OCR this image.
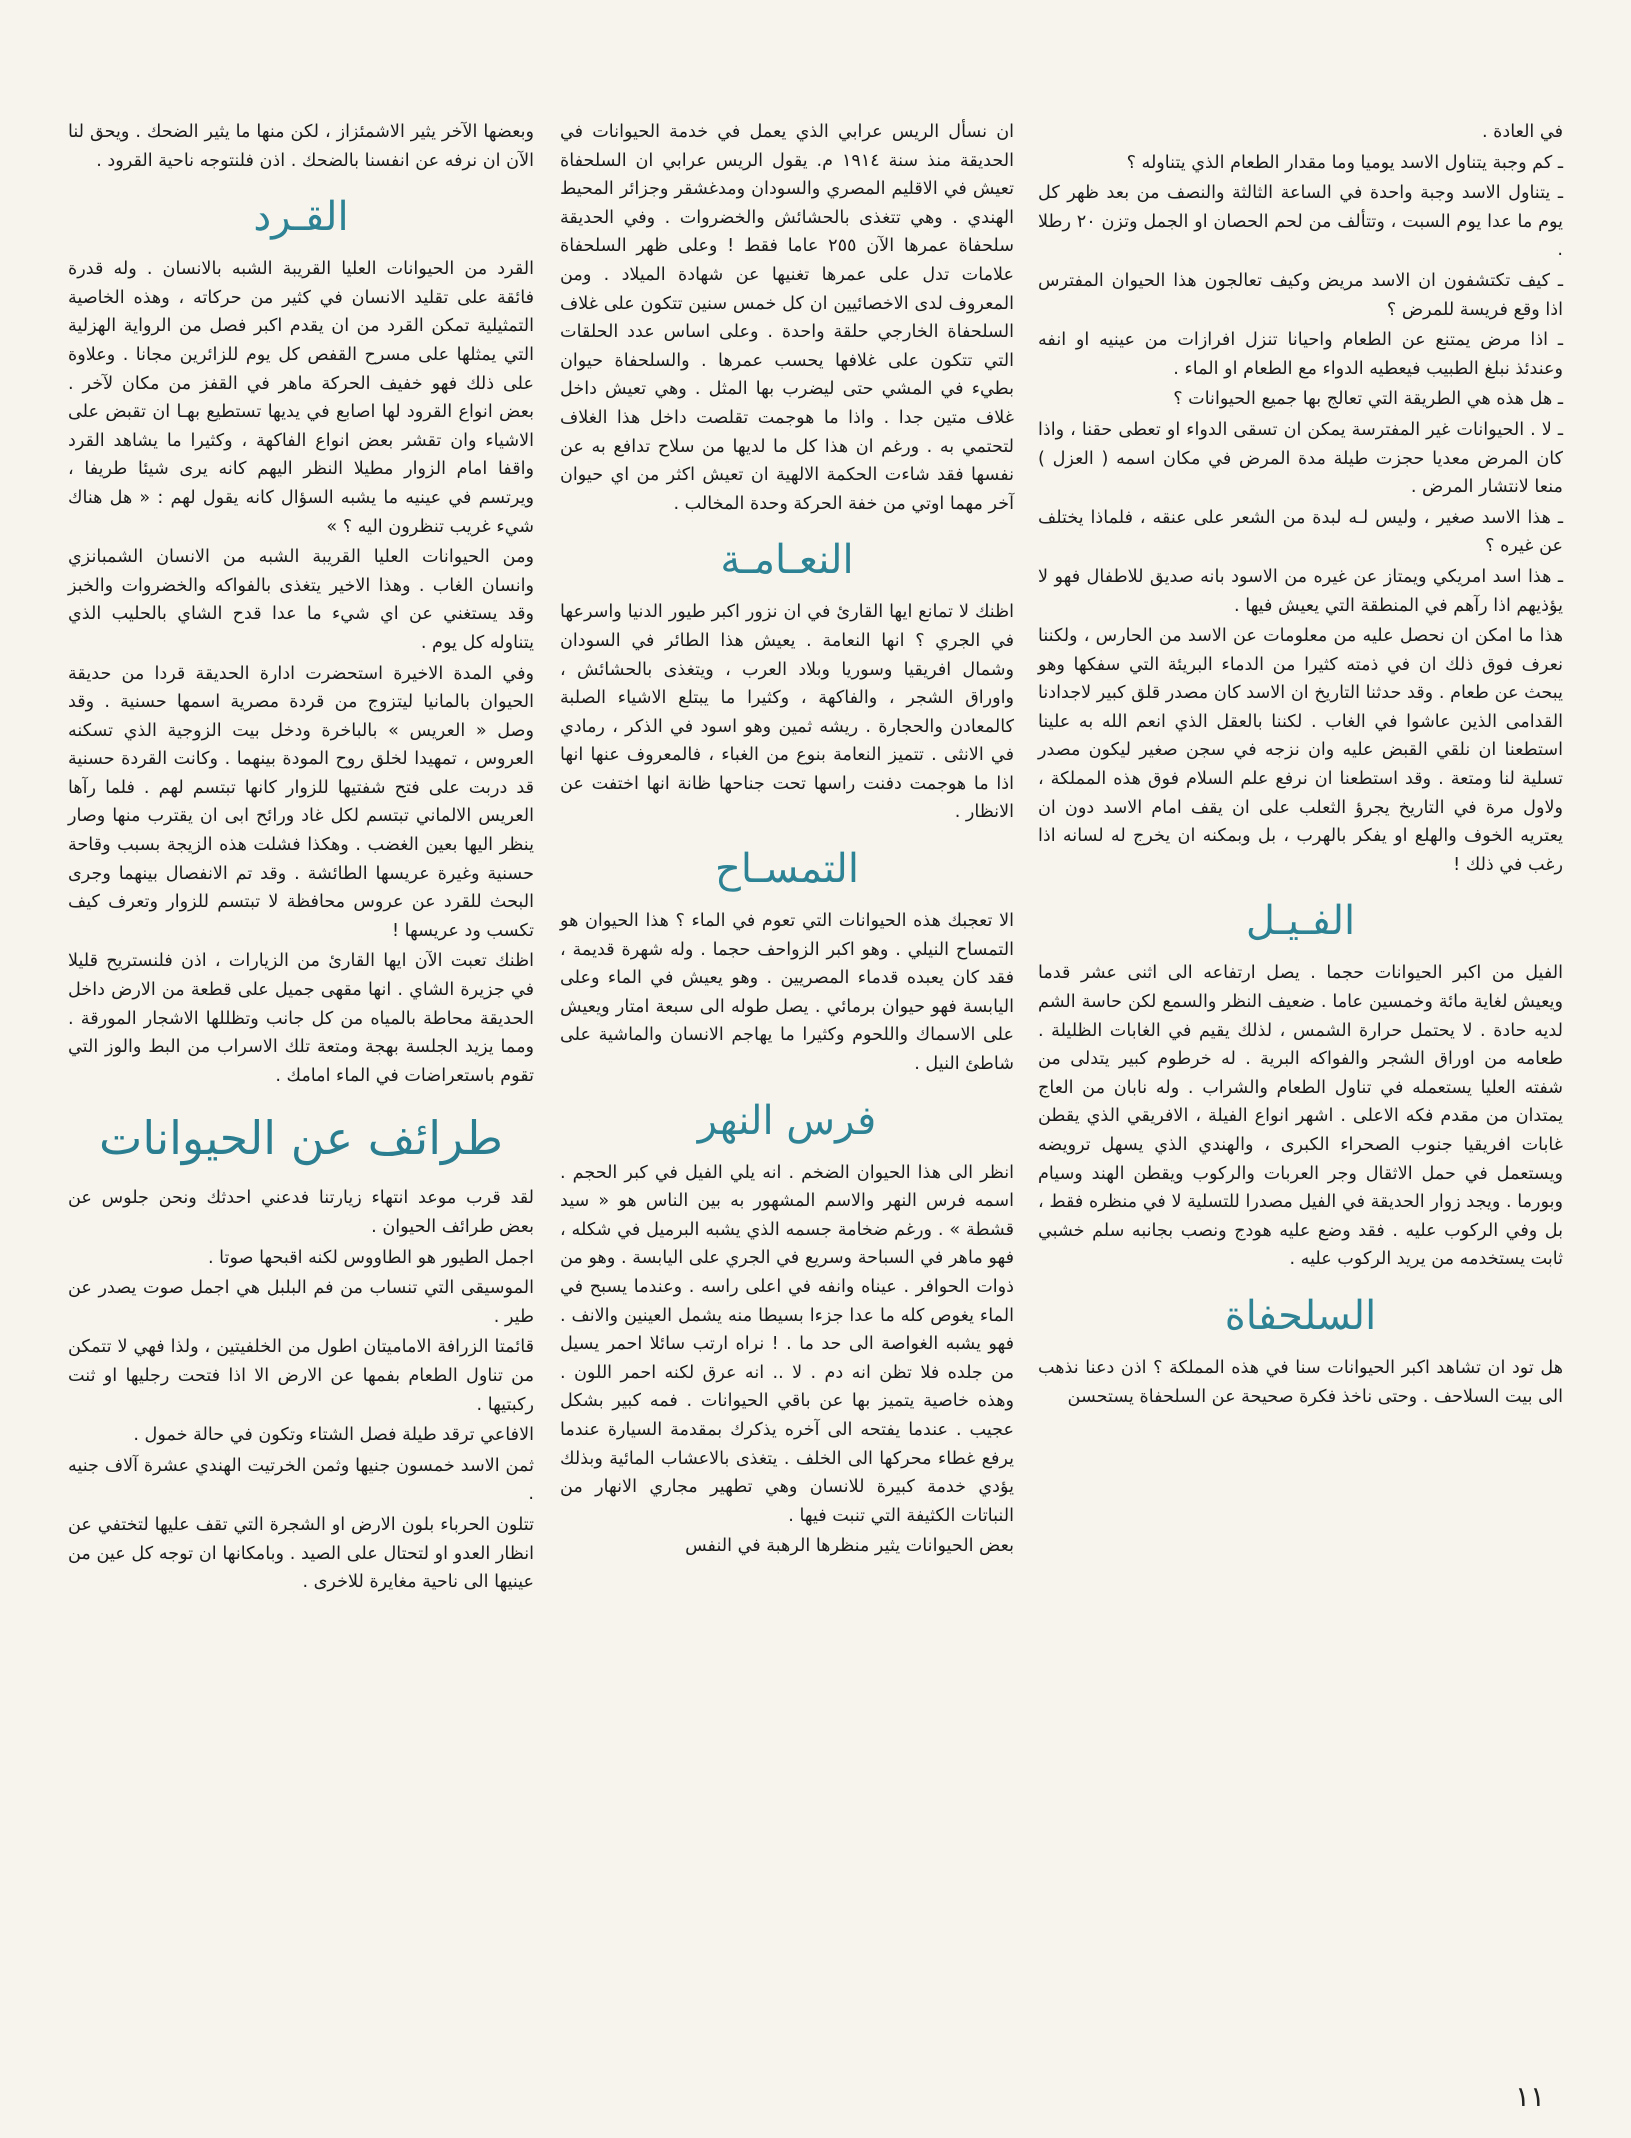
في العادة .

ـ كم وجبة يتناول الاسد يوميا وما مقدار الطعام الذي يتناوله ؟

ـ يتناول الاسد وجبة واحدة في الساعة الثالثة والنصف من بعد ظهر كل يوم ما عدا يوم السبت ، وتتألف من لحم الحصان او الجمل وتزن ٢٠ رطلا .

ـ كيف تكتشفون ان الاسد مريض وكيف تعالجون هذا الحيوان المفترس اذا وقع فريسة للمرض ؟

ـ اذا مرض يمتنع عن الطعام واحيانا تنزل افرازات من عينيه او انفه وعندئذ نبلغ الطبيب فيعطيه الدواء مع الطعام او الماء .

ـ هل هذه هي الطريقة التي تعالج بها جميع الحيوانات ؟

ـ لا . الحيوانات غير المفترسة يمكن ان تسقى الدواء او تعطى حقنا ، واذا كان المرض معديا حجزت طيلة مدة المرض في مكان اسمه ( العزل ) منعا لانتشار المرض .

ـ هذا الاسد صغير ، وليس لـه لبدة من الشعر على عنقه ، فلماذا يختلف عن غيره ؟

ـ هذا اسد امريكي ويمتاز عن غيره من الاسود بانه صديق للاطفال فهو لا يؤذيهم اذا رآهم في المنطقة التي يعيش فيها .

هذا ما امكن ان نحصل عليه من معلومات عن الاسد من الحارس ، ولكننا نعرف فوق ذلك ان في ذمته كثيرا من الدماء البريئة التي سفكها وهو يبحث عن طعام . وقد حدثنا التاريخ ان الاسد كان مصدر قلق كبير لاجدادنا القدامى الذين عاشوا في الغاب . لكننا بالعقل الذي انعم الله به علينا استطعنا ان نلقي القبض عليه وان نزجه في سجن صغير ليكون مصدر تسلية لنا ومتعة . وقد استطعنا ان نرفع علم السلام فوق هذه المملكة ، ولاول مرة في التاريخ يجرؤ الثعلب على ان يقف امام الاسد دون ان يعتريه الخوف والهلع او يفكر بالهرب ، بل وبمكنه ان يخرج له لسانه اذا رغب في ذلك !

الفـيـل

الفيل من اكبر الحيوانات حجما . يصل ارتفاعه الى اثنى عشر قدما ويعيش لغاية مائة وخمسين عاما . ضعيف النظر والسمع لكن حاسة الشم لديه حادة . لا يحتمل حرارة الشمس ، لذلك يقيم في الغابات الظليلة . طعامه من اوراق الشجر والفواكه البرية . له خرطوم كبير يتدلى من شفته العليا يستعمله في تناول الطعام والشراب . وله نابان من العاج يمتدان من مقدم فكه الاعلى . اشهر انواع الفيلة ، الافريقي الذي يقطن غابات افريقيا جنوب الصحراء الكبرى ، والهندي الذي يسهل ترويضه ويستعمل في حمل الاثقال وجر العربات والركوب ويقطن الهند وسيام وبورما . ويجد زوار الحديقة في الفيل مصدرا للتسلية لا في منظره فقط ، بل وفي الركوب عليه . فقد وضع عليه هودج ونصب بجانبه سلم خشبي ثابت يستخدمه من يريد الركوب عليه .

السلحفاة

هل تود ان تشاهد اكبر الحيوانات سنا في هذه المملكة ؟ اذن دعنا نذهب الى بيت السلاحف . وحتى ناخذ فكرة صحيحة عن السلحفاة يستحسن

ان نسأل الريس عرابي الذي يعمل في خدمة الحيوانات في الحديقة منذ سنة ١٩١٤ م. يقول الريس عرابي ان السلحفاة تعيش في الاقليم المصري والسودان ومدغشقر وجزائر المحيط الهندي . وهي تتغذى بالحشائش والخضروات . وفي الحديقة سلحفاة عمرها الآن ٢٥٥ عاما فقط ! وعلى ظهر السلحفاة علامات تدل على عمرها تغنيها عن شهادة الميلاد . ومن المعروف لدى الاخصائيين ان كل خمس سنين تتكون على غلاف السلحفاة الخارجي حلقة واحدة . وعلى اساس عدد الحلقات التي تتكون على غلافها يحسب عمرها . والسلحفاة حيوان بطيء في المشي حتى ليضرب بها المثل . وهي تعيش داخل غلاف متين جدا . واذا ما هوجمت تقلصت داخل هذا الغلاف لتحتمي به . ورغم ان هذا كل ما لديها من سلاح تدافع به عن نفسها فقد شاءت الحكمة الالهية ان تعيش اكثر من اي حيوان آخر مهما اوتي من خفة الحركة وحدة المخالب .

النعـامـة

اظنك لا تمانع ايها القارئ في ان نزور اكبر طيور الدنيا واسرعها في الجري ؟ انها النعامة . يعيش هذا الطائر في السودان وشمال افريقيا وسوريا وبلاد العرب ، ويتغذى بالحشائش ، واوراق الشجر ، والفاكهة ، وكثيرا ما يبتلع الاشياء الصلبة كالمعادن والحجارة . ريشه ثمين وهو اسود في الذكر ، رمادي في الانثى . تتميز النعامة بنوع من الغباء ، فالمعروف عنها انها اذا ما هوجمت دفنت راسها تحت جناحها ظانة انها اختفت عن الانظار .

التمسـاح

الا تعجبك هذه الحيوانات التي تعوم في الماء ؟ هذا الحيوان هو التمساح النيلي . وهو اكبر الزواحف حجما . وله شهرة قديمة ، فقد كان يعبده قدماء المصريين . وهو يعيش في الماء وعلى اليابسة فهو حيوان برمائي . يصل طوله الى سبعة امتار ويعيش على الاسماك واللحوم وكثيرا ما يهاجم الانسان والماشية على شاطئ النيل .

فرس النهر

انظر الى هذا الحيوان الضخم . انه يلي الفيل في كبر الحجم . اسمه فرس النهر والاسم المشهور به بين الناس هو « سيد قشطة » . ورغم ضخامة جسمه الذي يشبه البرميل في شكله ، فهو ماهر في السباحة وسريع في الجري على اليابسة . وهو من ذوات الحوافر . عيناه وانفه في اعلى راسه . وعندما يسبح في الماء يغوص كله ما عدا جزءا بسيطا منه يشمل العينين والانف . فهو يشبه الغواصة الى حد ما . ! نراه ارتب سائلا احمر يسيل من جلده فلا تظن انه دم . لا .. انه عرق لكنه احمر اللون . وهذه خاصية يتميز بها عن باقي الحيوانات . فمه كبير بشكل عجيب . عندما يفتحه الى آخره يذكرك بمقدمة السيارة عندما يرفع غطاء محركها الى الخلف . يتغذى بالاعشاب المائية وبذلك يؤدي خدمة كبيرة للانسان وهي تطهير مجاري الانهار من النباتات الكثيفة التي تنبت فيها .

بعض الحيوانات يثير منظرها الرهبة في النفس

وبعضها الآخر يثير الاشمئزاز ، لكن منها ما يثير الضحك . ويحق لنا الآن ان نرفه عن انفسنا بالضحك . اذن فلنتوجه ناحية القرود .

القـرد

القرد من الحيوانات العليا القريبة الشبه بالانسان . وله قدرة فائقة على تقليد الانسان في كثير من حركاته ، وهذه الخاصية التمثيلية تمكن القرد من ان يقدم اكبر فصل من الرواية الهزلية التي يمثلها على مسرح القفص كل يوم للزائرين مجانا . وعلاوة على ذلك فهو خفيف الحركة ماهر في القفز من مكان لآخر . بعض انواع القرود لها اصابع في يديها تستطيع بهـا ان تقبض على الاشياء وان تقشر بعض انواع الفاكهة ، وكثيرا ما يشاهد القرد واقفا امام الزوار مطيلا النظر اليهم كانه يرى شيئا طريفا ، ويرتسم في عينيه ما يشبه السؤال كانه يقول لهم : « هل هناك شيء غريب تنظرون اليه ؟ »

ومن الحيوانات العليا القريبة الشبه من الانسان الشمبانزي وانسان الغاب . وهذا الاخير يتغذى بالفواكه والخضروات والخبز وقد يستغني عن اي شيء ما عدا قدح الشاي بالحليب الذي يتناوله كل يوم .

وفي المدة الاخيرة استحضرت ادارة الحديقة قردا من حديقة الحيوان بالمانيا ليتزوج من قردة مصرية اسمها حسنية . وقد وصل « العريس » بالباخرة ودخل بيت الزوجية الذي تسكنه العروس ، تمهيدا لخلق روح المودة بينهما . وكانت القردة حسنية قد دربت على فتح شفتيها للزوار كانها تبتسم لهم . فلما رآها العريس الالماني تبتسم لكل غاد ورائح ابى ان يقترب منها وصار ينظر اليها بعين الغضب . وهكذا فشلت هذه الزيجة بسبب وقاحة حسنية وغيرة عريسها الطائشة . وقد تم الانفصال بينهما وجرى البحث للقرد عن عروس محافظة لا تبتسم للزوار وتعرف كيف تكسب ود عريسها !

اظنك تعبت الآن ايها القارئ من الزيارات ، اذن فلنستريح قليلا في جزيرة الشاي . انها مقهى جميل على قطعة من الارض داخل الحديقة محاطة بالمياه من كل جانب وتظللها الاشجار المورقة . ومما يزيد الجلسة بهجة ومتعة تلك الاسراب من البط والوز التي تقوم باستعراضات في الماء امامك .

طرائف عن الحيوانات

لقد قرب موعد انتهاء زيارتنا فدعني احدثك ونحن جلوس عن بعض طرائف الحيوان .

اجمل الطيور هو الطاووس لكنه اقبحها صوتا .

الموسيقى التي تنساب من فم البلبل هي اجمل صوت يصدر عن طير .

قائمتا الزرافة الاماميتان اطول من الخلفيتين ، ولذا فهي لا تتمكن من تناول الطعام بفمها عن الارض الا اذا فتحت رجليها او ثنت ركبتيها .

الافاعي ترقد طيلة فصل الشتاء وتكون في حالة خمول .

ثمن الاسد خمسون جنيها وثمن الخرتيت الهندي عشرة آلاف جنيه .

تتلون الحرباء بلون الارض او الشجرة التي تقف عليها لتختفي عن انظار العدو او لتحتال على الصيد . وبامكانها ان توجه كل عين من عينيها الى ناحية مغايرة للاخرى .

١١
